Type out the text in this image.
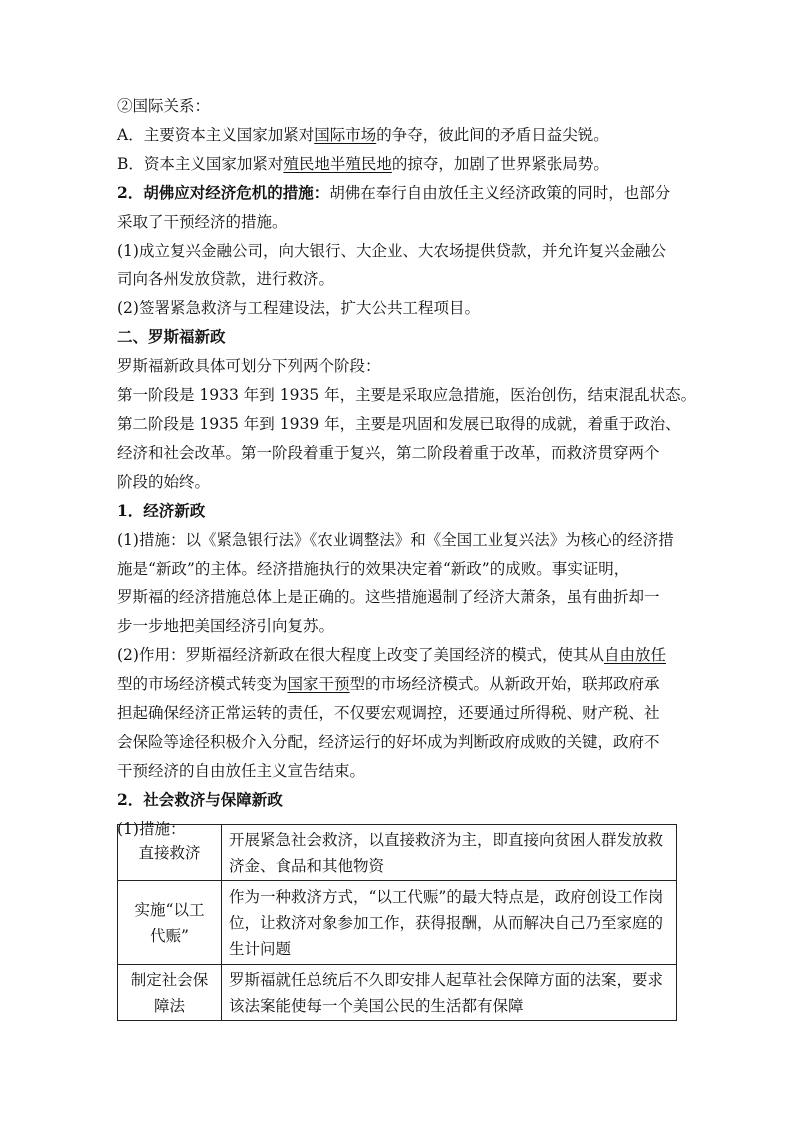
②国际关系：
A．主要资本主义国家加紧对国际市场的争夺，彼此间的矛盾日益尖锐。
B．资本主义国家加紧对殖民地半殖民地的掠夺，加剧了世界紧张局势。
2．胡佛应对经济危机的措施：胡佛在奉行自由放任主义经济政策的同时，也部分
采取了干预经济的措施。
(1)成立复兴金融公司，向大银行、大企业、大农场提供贷款，并允许复兴金融公
司向各州发放贷款，进行救济。
(2)签署紧急救济与工程建设法，扩大公共工程项目。
二、罗斯福新政
罗斯福新政具体可划分下列两个阶段：
第一阶段是 1933 年到 1935 年，主要是采取应急措施，医治创伤，结束混乱状态。
第二阶段是 1935 年到 1939 年，主要是巩固和发展已取得的成就，着重于政治、
经济和社会改革。第一阶段着重于复兴，第二阶段着重于改革，而救济贯穿两个
阶段的始终。
1．经济新政
(1)措施：以《紧急银行法》《农业调整法》和《全国工业复兴法》为核心的经济措
施是“新政”的主体。经济措施执行的效果决定着“新政”的成败。事实证明，
罗斯福的经济措施总体上是正确的。这些措施遏制了经济大萧条，虽有曲折却一
步一步地把美国经济引向复苏。
(2)作用：罗斯福经济新政在很大程度上改变了美国经济的模式，使其从自由放任
型的市场经济模式转变为国家干预型的市场经济模式。从新政开始，联邦政府承
担起确保经济正常运转的责任，不仅要宏观调控，还要通过所得税、财产税、社
会保险等途径积极介入分配，经济运行的好坏成为判断政府成败的关键，政府不
干预经济的自由放任主义宣告结束。
2．社会救济与保障新政
(1)措施：
直接救济	开展紧急社会救济，以直接救济为主，即直接向贫困人群发放救济金、食品和其他物资

实施“以工代赈”	作为一种救济方式，“以工代赈”的最大特点是，政府创设工作岗位，让救济对象参加工作，获得报酬，从而解决自己乃至家庭的生计问题

制定社会保障法	罗斯福就任总统后不久即安排人起草社会保障方面的法案，要求该法案能使每一个美国公民的生活都有保障
